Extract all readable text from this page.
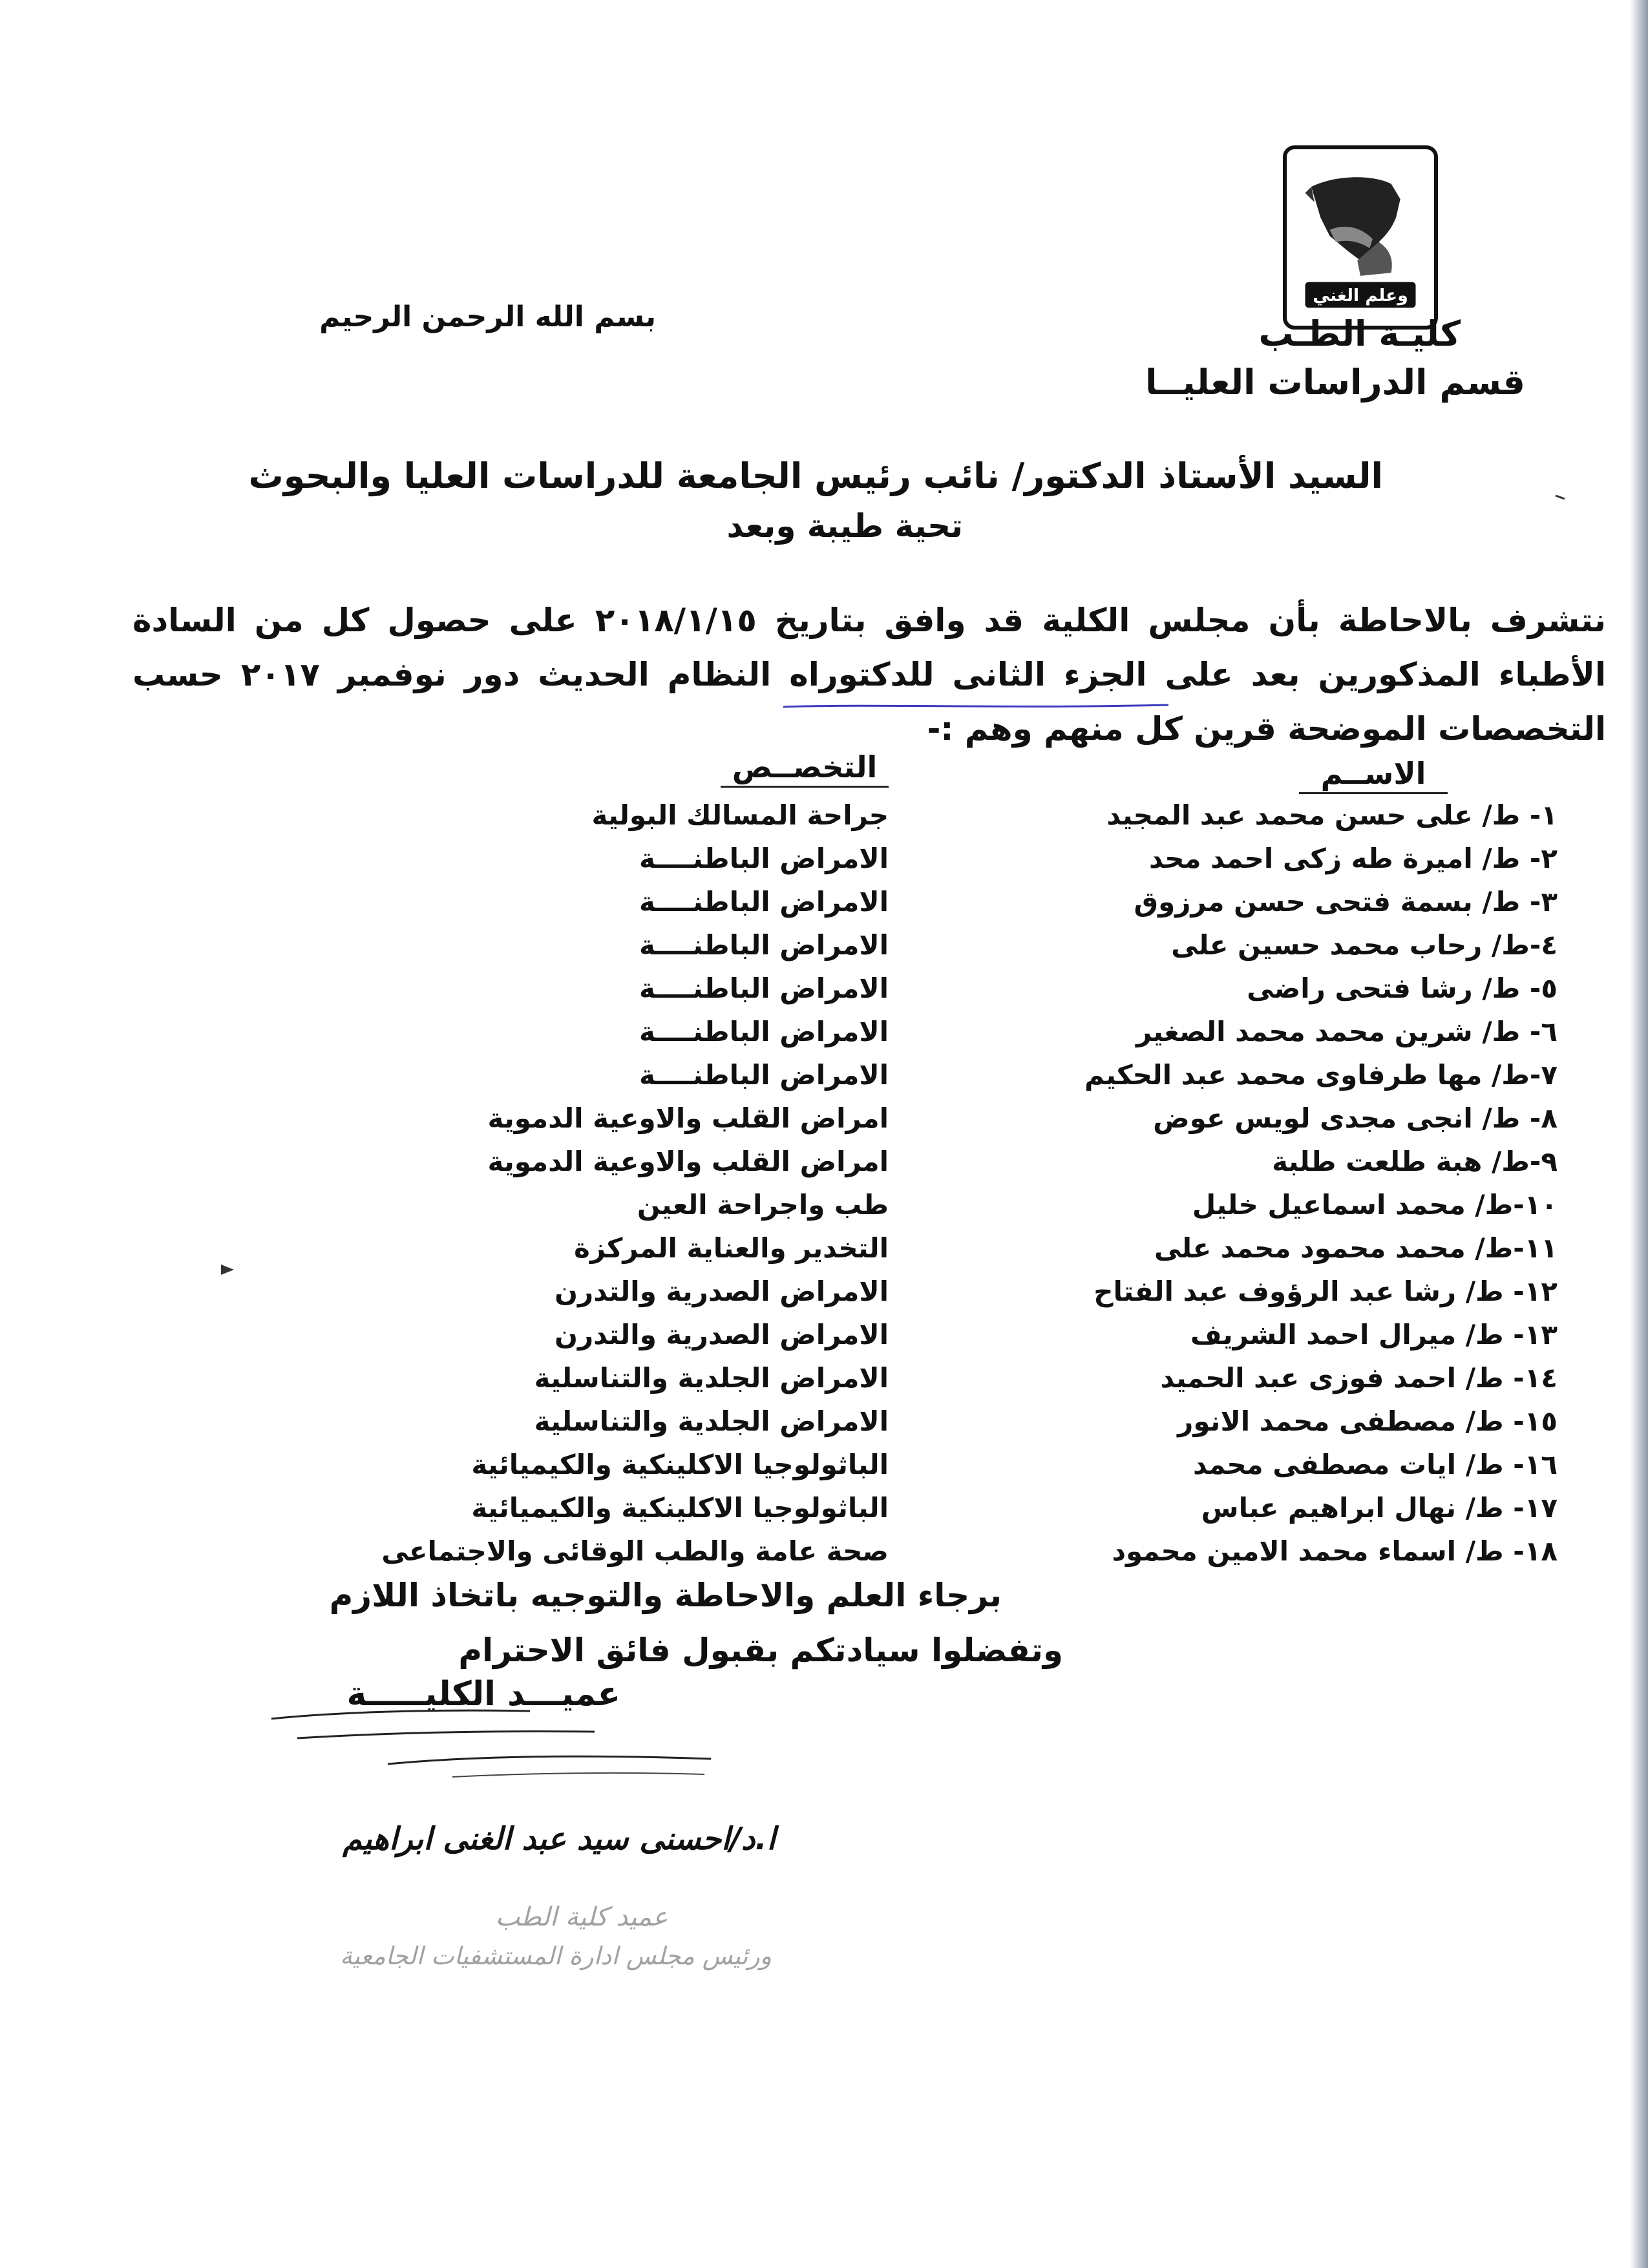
وعلم الغني
كليـة الطـب
قسم الدراسات العليــا
بسم الله الرحمن الرحيم
السيد الأستاذ الدكتور/ نائب رئيس الجامعة للدراسات العليا والبحوث
تحية طيبة وبعد
نتشرف بالاحاطة بأن مجلس الكلية قد وافق بتاريخ ٢٠١٨/١/١٥ على حصول كل من السادة الأطباء المذكورين بعد على الجزء الثانى للدكتوراه النظام الحديث دور نوفمبر ٢٠١٧ حسب التخصصات الموضحة قرين كل منهم وهم :-
الاســم
التخصــص
١- ط/ على حسن محمد عبد المجيد
٢- ط/ اميرة طه زكى احمد محد
٣- ط/ بسمة فتحى حسن مرزوق
٤-ط/ رحاب محمد حسين على
٥- ط/ رشا فتحى راضى
٦- ط/ شرين محمد محمد الصغير
٧-ط/ مها طرفاوى محمد عبد الحكيم
٨- ط/ انجى مجدى لويس عوض
٩-ط/ هبة طلعت طلبة
١٠-ط/ محمد اسماعيل خليل
١١-ط/ محمد محمود محمد على
١٢- ط/ رشا عبد الرؤوف عبد الفتاح
١٣- ط/ ميرال احمد الشريف
١٤- ط/ احمد فوزى عبد الحميد
١٥- ط/ مصطفى محمد الانور
١٦- ط/ ايات مصطفى محمد
١٧- ط/ نهال ابراهيم عباس
١٨- ط/ اسماء محمد الامين محمود
جراحة المسالك البولية
الامراض الباطنــــة
الامراض الباطنــــة
الامراض الباطنــــة
الامراض الباطنــــة
الامراض الباطنــــة
الامراض الباطنــــة
امراض القلب والاوعية الدموية
امراض القلب والاوعية الدموية
طب واجراحة العين
التخدير والعناية المركزة
الامراض الصدرية والتدرن
الامراض الصدرية والتدرن
الامراض الجلدية والتناسلية
الامراض الجلدية والتناسلية
الباثولوجيا الاكلينكية والكيميائية
الباثولوجيا الاكلينكية والكيميائية
صحة عامة والطب الوقائى والاجتماعى
برجاء العلم والاحاطة والتوجيه باتخاذ اللازم
وتفضلوا سيادتكم بقبول فائق الاحترام
عميـــد الكليـــــة
ا.د/احسنى سيد عبد الغنى ابراهيم
عميد كلية الطب
ورئيس مجلس ادارة المستشفيات الجامعية
